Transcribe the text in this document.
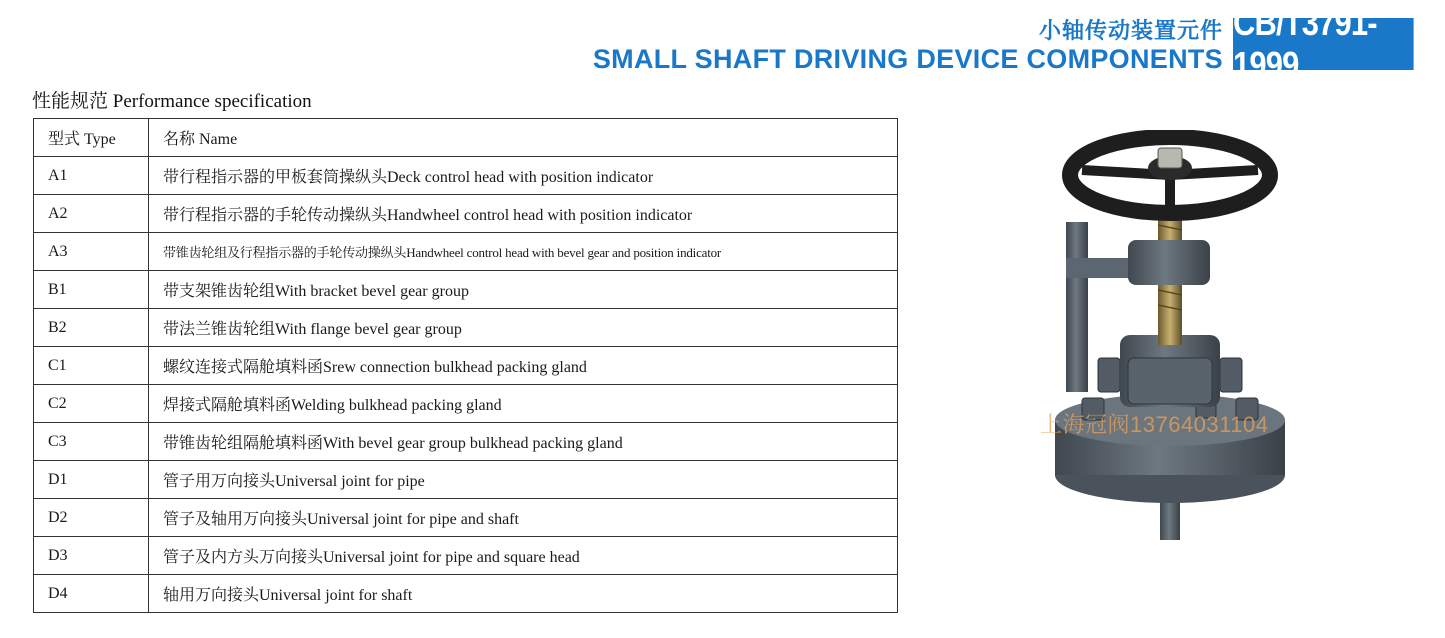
小轴传动装置元件
SMALL SHAFT DRIVING DEVICE COMPONENTS
CB/T3791-1999
性能规范 Performance specification
型式 Type	名称 Name
A1	带行程指示器的甲板套筒操纵头Deck control head with position indicator
A2	带行程指示器的手轮传动操纵头Handwheel control head with position indicator
A3	带锥齿轮组及行程指示器的手轮传动操纵头Handwheel control head with bevel gear and position indicator
B1	带支架锥齿轮组With bracket bevel gear group
B2	带法兰锥齿轮组With flange bevel gear group
C1	螺纹连接式隔舱填料函Srew connection bulkhead packing gland
C2	焊接式隔舱填料函Welding bulkhead packing gland
C3	带锥齿轮组隔舱填料函With bevel gear group bulkhead packing gland
D1	管子用万向接头Universal joint for pipe
D2	管子及轴用万向接头Universal joint for pipe and shaft
D3	管子及内方头万向接头Universal joint for pipe and square head
D4	轴用万向接头Universal joint for shaft
上海冠阀13764031104
